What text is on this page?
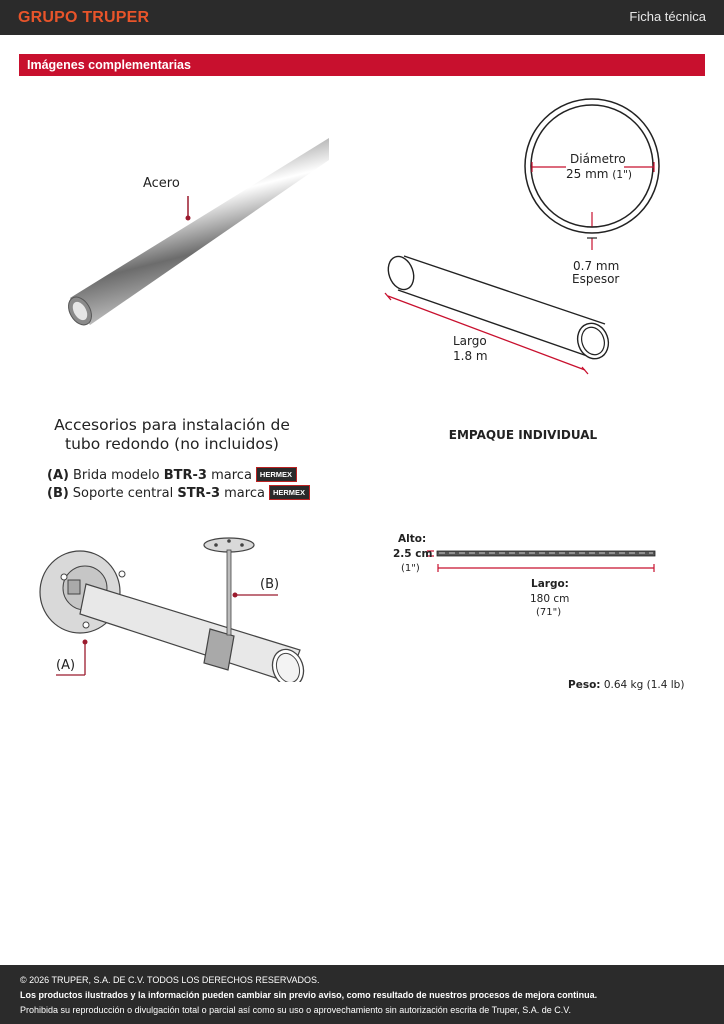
GRUPO TRUPER	Ficha técnica
Imágenes complementarias
Acero
Diámetro
25 mm (1")
0.7 mm
Espesor
Largo
1.8 m
Accesorios para instalación de
tubo redondo (no incluidos)
(A) Brida modelo BTR-3 marca HERMEX
(B) Soporte central STR-3 marca HERMEX
(B)
(A)
EMPAQUE INDIVIDUAL
Alto:
2.5 cm
(1")
Largo:
180 cm
(71")
Peso: 0.64 kg (1.4 lb)
© 2026 TRUPER, S.A. DE C.V. TODOS LOS DERECHOS RESERVADOS.
Los productos ilustrados y la información pueden cambiar sin previo aviso, como resultado de nuestros procesos de mejora continua.
Prohibida su reproducción o divulgación total o parcial así como su uso o aprovechamiento sin autorización escrita de Truper, S.A. de C.V.
